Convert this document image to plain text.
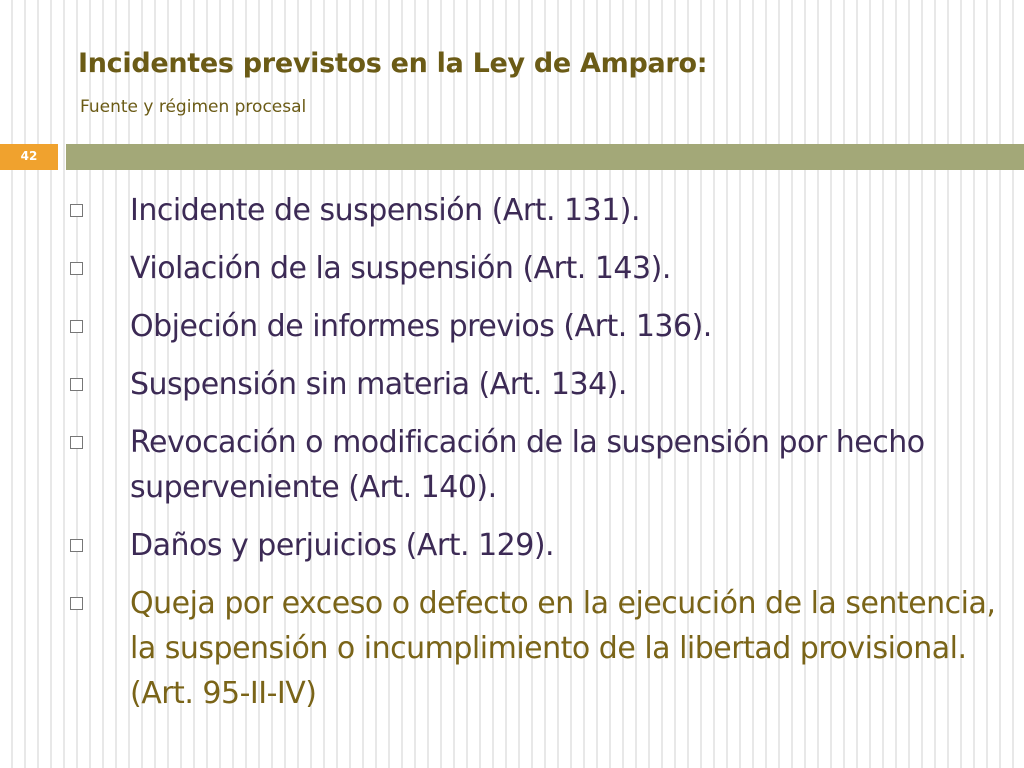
Incidentes previstos en la Ley de Amparo:
Fuente y régimen procesal
42
Incidente de suspensión (Art. 131).
Violación de la suspensión (Art. 143).
Objeción de informes previos (Art. 136).
Suspensión sin materia (Art. 134).
Revocación o modificación de la suspensión por hecho superveniente (Art. 140).
Daños y perjuicios (Art. 129).
Queja por exceso o defecto en la ejecución de la sentencia, la suspensión o incumplimiento de la libertad provisional. (Art. 95-II-IV)
